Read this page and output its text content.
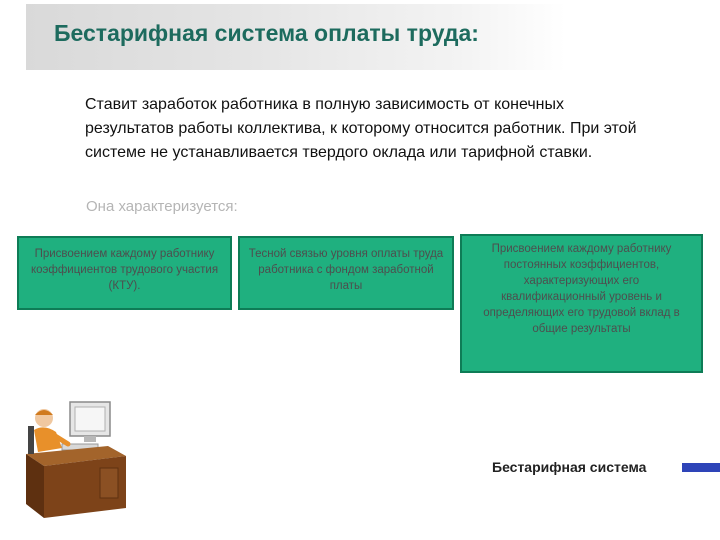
Бестарифная система оплаты труда:

Ставит заработок работника в полную зависимость от конечных результатов работы коллектива, к которому относится работник. При этой системе не устанавливается твердого оклада или тарифной ставки.

Она характеризуется:

Присвоением каждому работнику коэффициентов трудового участия (КТУ).
Тесной связью уровня оплаты труда работника с фондом заработной платы
Присвоением каждому работнику постоянных коэффициентов, характеризующих его квалификационный уровень и определяющих его трудовой вклад в общие результаты

Бестарифная система
